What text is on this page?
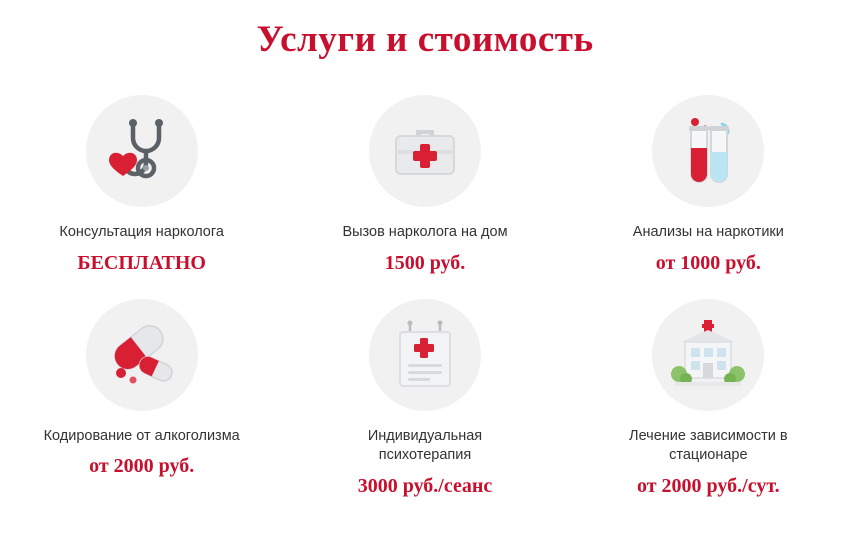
Услуги и стоимость
Консультация нарколога
БЕСПЛАТНО
Вызов нарколога на дом
1500 руб.
Анализы на наркотики
от 1000 руб.
Кодирование от алкоголизма
от 2000 руб.
Индивидуальная психотерапия
3000 руб./сеанс
Лечение зависимости в стационаре
от 2000 руб./сут.
